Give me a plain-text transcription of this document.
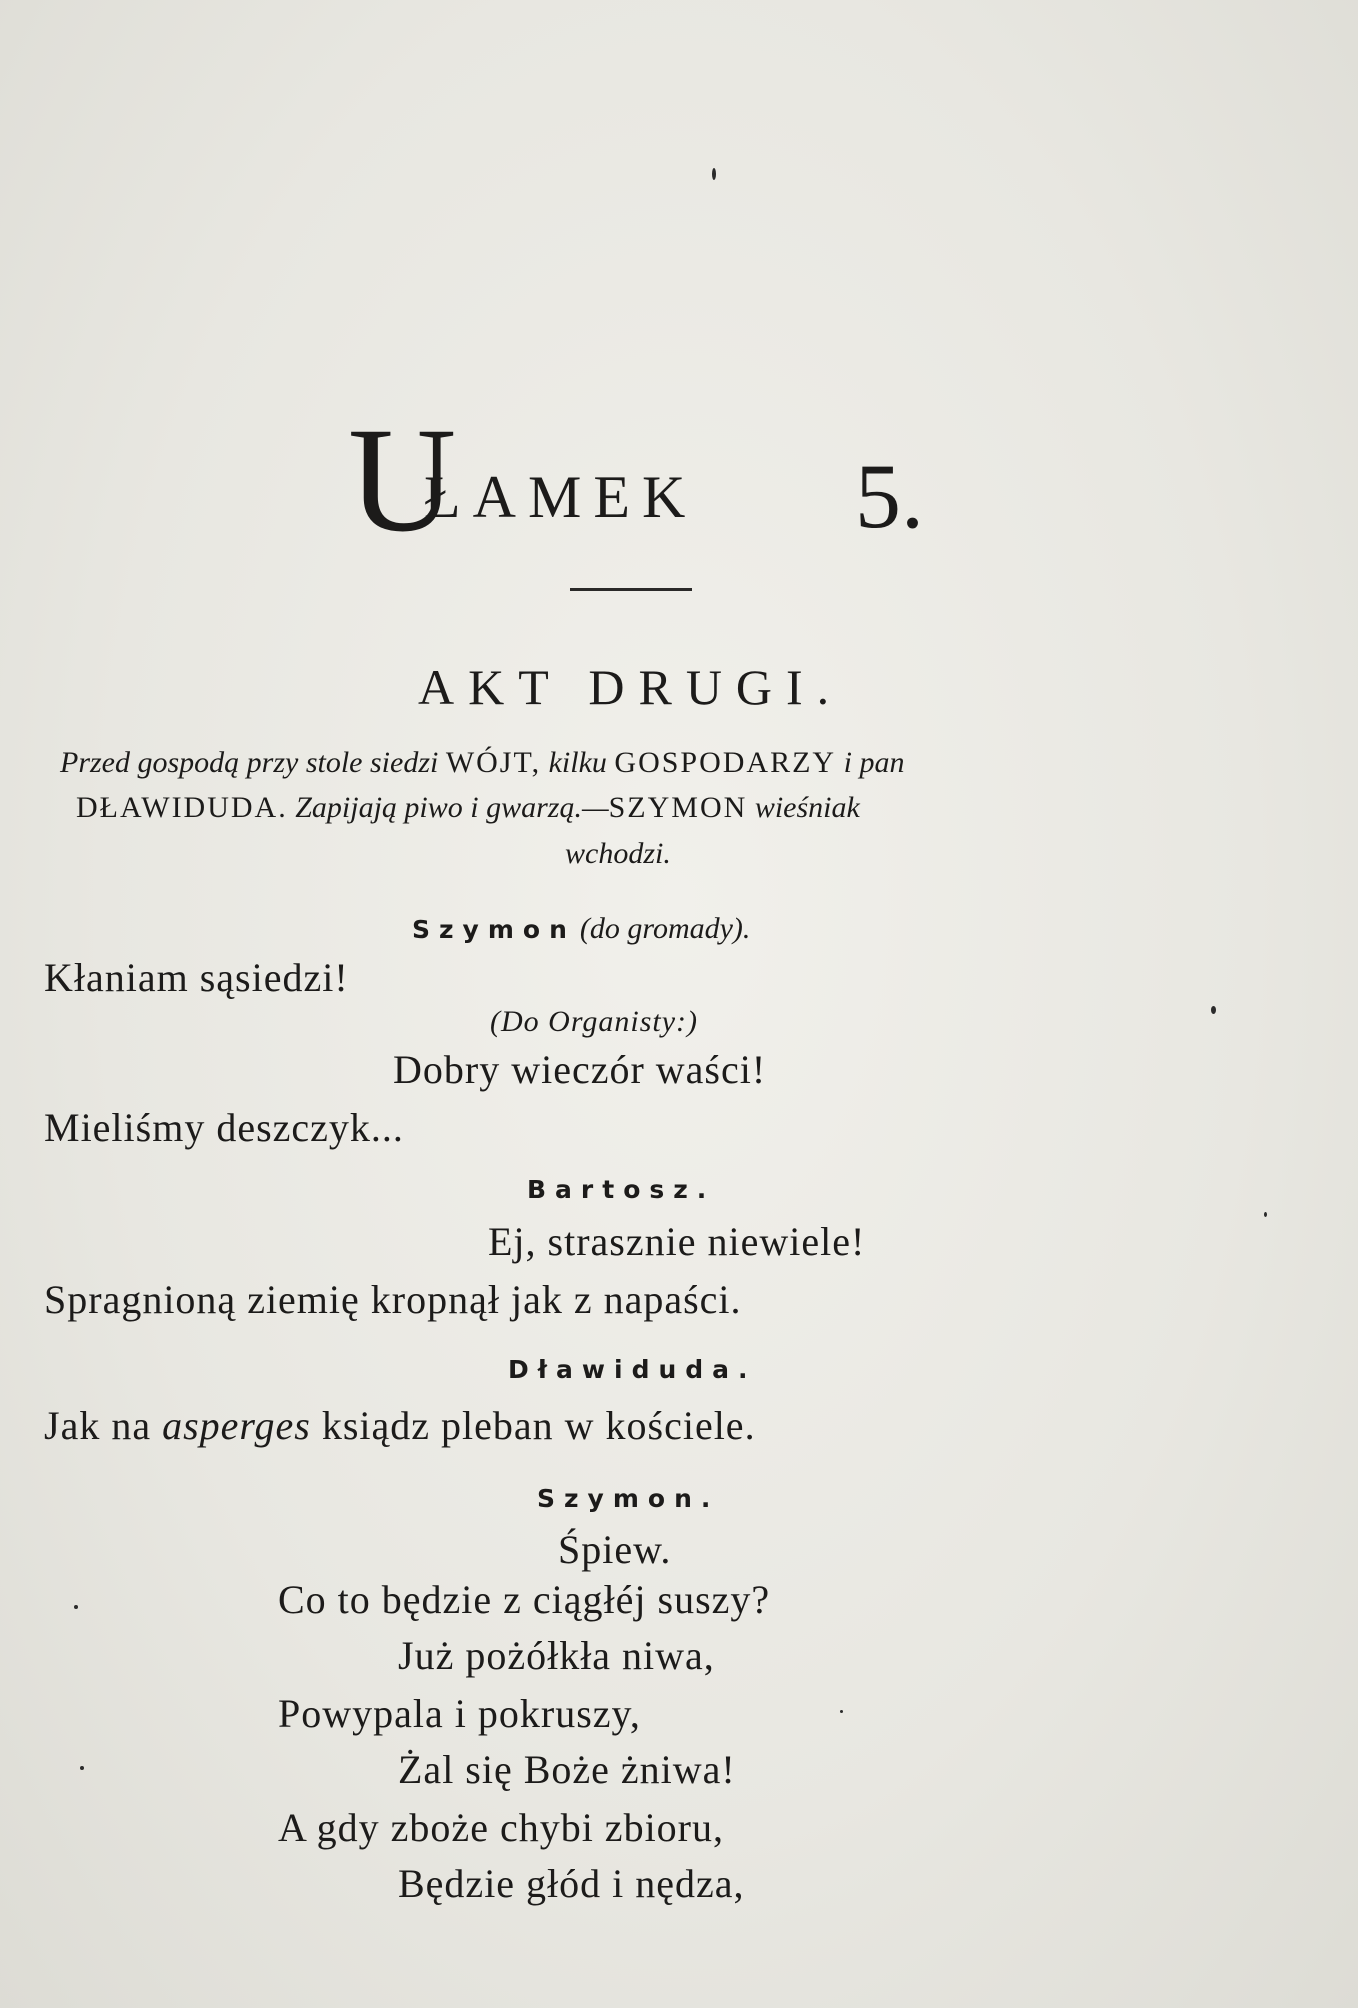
U
ŁAMEK 5.
AKT DRUGI.
Przed gospodą przy stole siedzi WÓJT, kilku GOSPODARZY i pan
DŁAWIDUDA. Zapijają piwo i gwarzą.—SZYMON wieśniak
wchodzi.
Szymon (do gromady).
Kłaniam sąsiedzi!
(Do Organisty:)
Dobry wieczór waści!
Mieliśmy deszczyk...
Bartosz.
Ej, strasznie niewiele!
Spragnioną ziemię kropnął jak z napaści.
Dławiduda.
Jak na asperges ksiądz pleban w kościele.
Szymon.
Śpiew.
Co to będzie z ciągłéj suszy?
Już pożółkła niwa,
Powypala i pokruszy,
Żal się Boże żniwa!
A gdy zboże chybi zbioru,
Będzie głód i nędza,
